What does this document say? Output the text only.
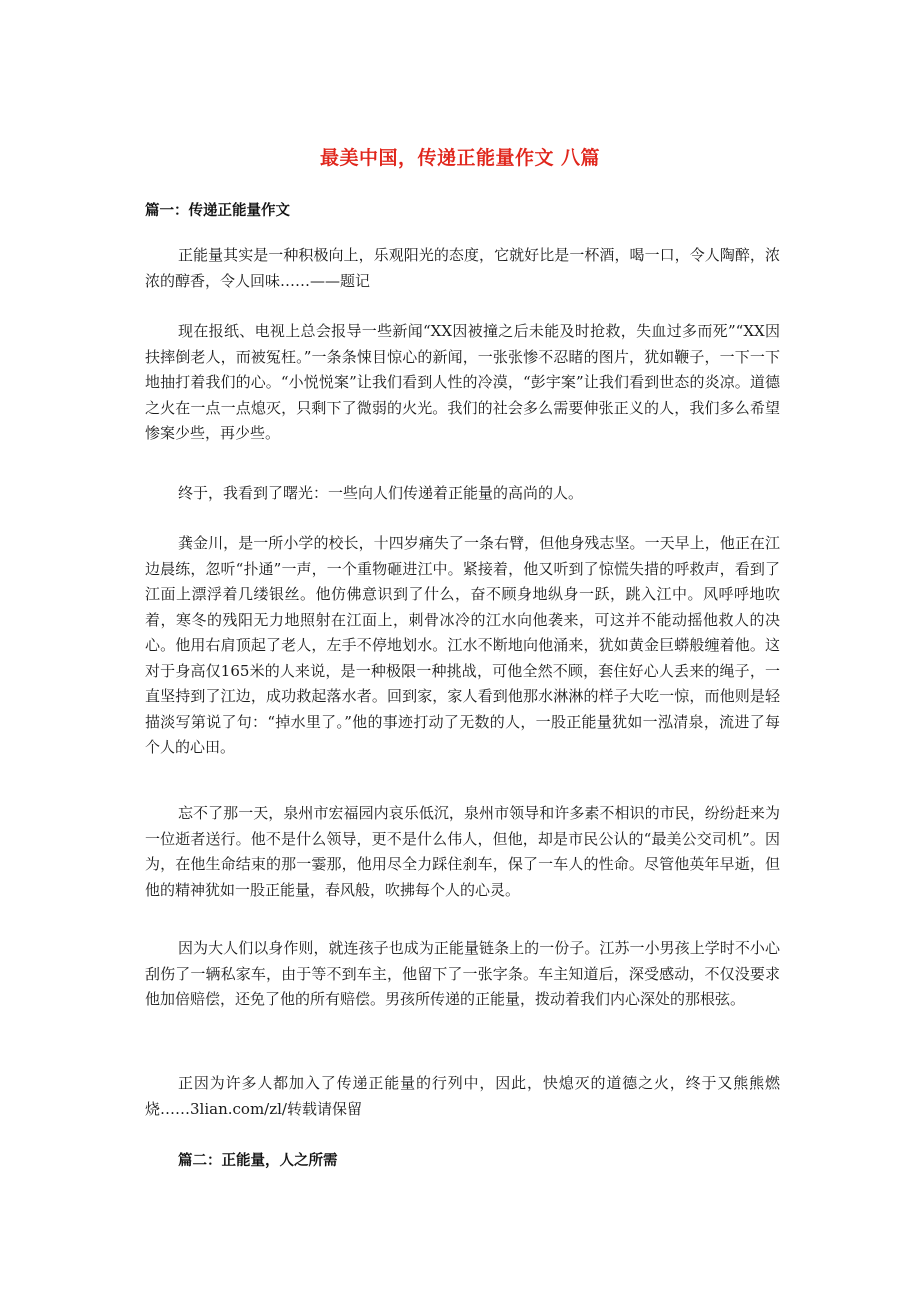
最美中国，传递正能量作文 八篇
篇一：传递正能量作文

正能量其实是一种积极向上，乐观阳光的态度，它就好比是一杯酒，喝一口，令人陶醉，浓浓的醇香，令人回味……——题记

现在报纸、电视上总会报导一些新闻“XX因被撞之后未能及时抢救，失血过多而死”“XX因扶摔倒老人，而被冤枉。”一条条悚目惊心的新闻，一张张惨不忍睹的图片，犹如鞭子，一下一下地抽打着我们的心。“小悦悦案”让我们看到人性的冷漠，“彭宇案”让我们看到世态的炎凉。道德之火在一点一点熄灭，只剩下了微弱的火光。我们的社会多么需要伸张正义的人，我们多么希望惨案少些，再少些。

终于，我看到了曙光：一些向人们传递着正能量的高尚的人。

龚金川，是一所小学的校长，十四岁痛失了一条右臂，但他身残志坚。一天早上，他正在江边晨练，忽听“扑通”一声，一个重物砸进江中。紧接着，他又听到了惊慌失措的呼救声，看到了江面上漂浮着几缕银丝。他仿佛意识到了什么，奋不顾身地纵身一跃，跳入江中。风呼呼地吹着，寒冬的残阳无力地照射在江面上，刺骨冰冷的江水向他袭来，可这并不能动摇他救人的决心。他用右肩顶起了老人，左手不停地划水。江水不断地向他涌来，犹如黄金巨蟒般缠着他。这对于身高仅165米的人来说，是一种极限一种挑战，可他全然不顾，套住好心人丢来的绳子，一直坚持到了江边，成功救起落水者。回到家，家人看到他那水淋淋的样子大吃一惊，而他则是轻描淡写第说了句：“掉水里了。”他的事迹打动了无数的人，一股正能量犹如一泓清泉，流进了每个人的心田。

忘不了那一天，泉州市宏福园内哀乐低沉，泉州市领导和许多素不相识的市民，纷纷赶来为一位逝者送行。他不是什么领导，更不是什么伟人，但他，却是市民公认的“最美公交司机”。因为，在他生命结束的那一霎那，他用尽全力踩住刹车，保了一车人的性命。尽管他英年早逝，但他的精神犹如一股正能量，春风般，吹拂每个人的心灵。

因为大人们以身作则，就连孩子也成为正能量链条上的一份子。江苏一小男孩上学时不小心刮伤了一辆私家车，由于等不到车主，他留下了一张字条。车主知道后，深受感动，不仅没要求他加倍赔偿，还免了他的所有赔偿。男孩所传递的正能量，拨动着我们内心深处的那根弦。

正因为许多人都加入了传递正能量的行列中，因此，快熄灭的道德之火，终于又熊熊燃烧……3lian.com/zl/转载请保留

篇二：正能量，人之所需
